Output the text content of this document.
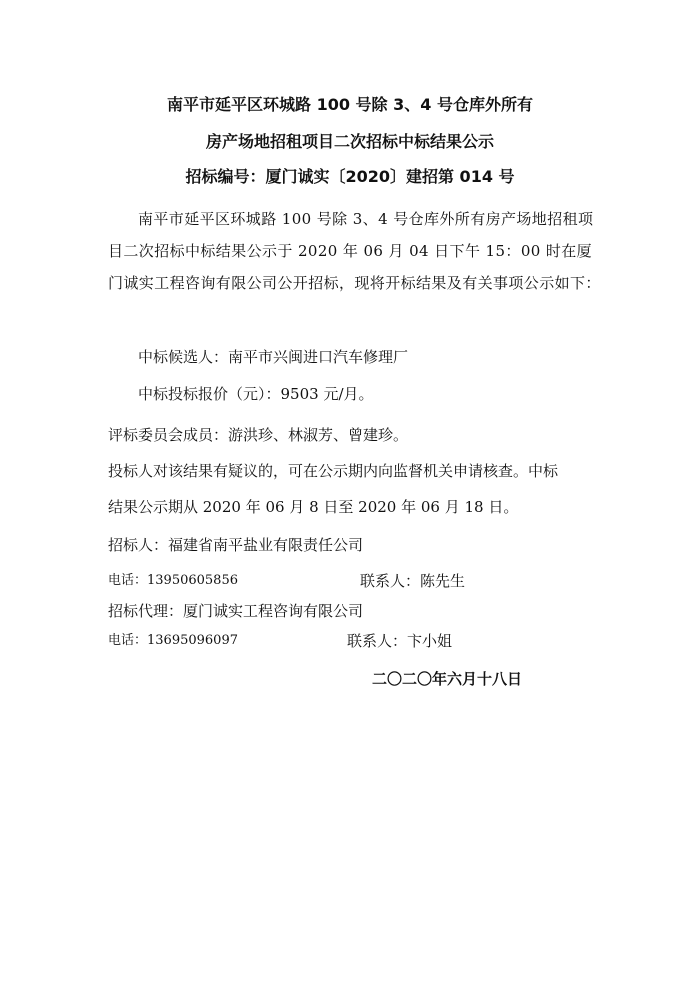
南平市延平区环城路 100 号除 3、4 号仓库外所有
房产场地招租项目二次招标中标结果公示
招标编号：厦门诚实〔2020〕建招第 014 号
南平市延平区环城路 100 号除 3、4 号仓库外所有房产场地招租项目二次招标中标结果公示于 2020 年 06 月 04 日下午 15：00 时在厦门诚实工程咨询有限公司公开招标，现将开标结果及有关事项公示如下：
中标候选人：南平市兴闽进口汽车修理厂
中标投标报价（元）：9503 元/月。
评标委员会成员：游洪珍、林淑芳、曾建珍。
投标人对该结果有疑议的，可在公示期内向监督机关申请核查。中标
结果公示期从 2020 年 06 月 8 日至 2020 年 06 月 18 日。
招标人：福建省南平盐业有限责任公司
电话：13950605856	联系人：陈先生
招标代理：厦门诚实工程咨询有限公司
电话：13695096097	联系人：卞小姐
二〇二〇年六月十八日
